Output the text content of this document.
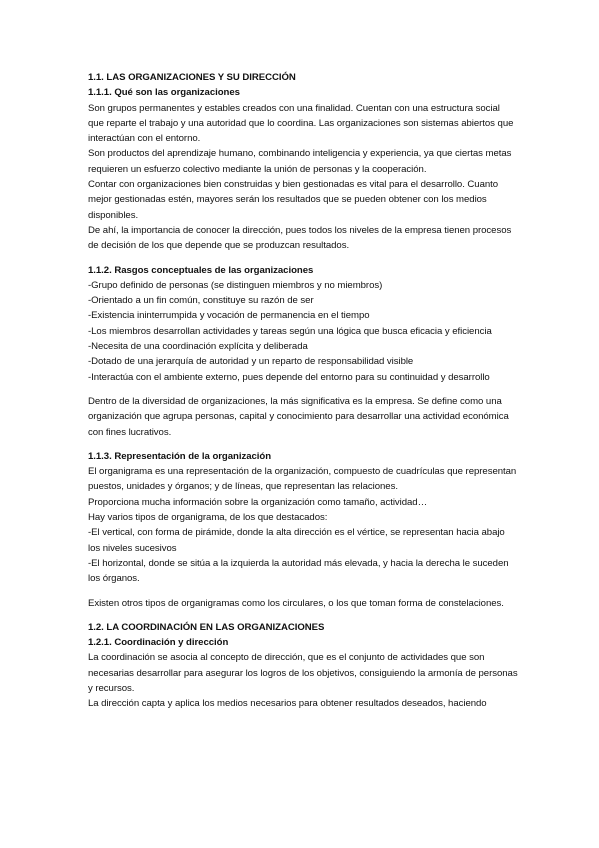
1.1. LAS ORGANIZACIONES Y SU DIRECCIÓN
1.1.1. Qué son las organizaciones

Son grupos permanentes y estables creados con una finalidad. Cuentan con una estructura social que reparte el trabajo y una autoridad que lo coordina. Las organizaciones son sistemas abiertos que interactúan con el entorno.

Son productos del aprendizaje humano, combinando inteligencia y experiencia, ya que ciertas metas requieren un esfuerzo colectivo mediante la unión de personas y la cooperación.

Contar con organizaciones bien construidas y bien gestionadas es vital para el desarrollo. Cuanto mejor gestionadas estén, mayores serán los resultados que se pueden obtener con los medios disponibles.

De ahí, la importancia de conocer la dirección, pues todos los niveles de la empresa tienen procesos de decisión de los que depende que se produzcan resultados.

1.1.2. Rasgos conceptuales de las organizaciones
-Grupo definido de personas (se distinguen miembros y no miembros)
-Orientado a un fin común, constituye su razón de ser
-Existencia ininterrumpida y vocación de permanencia en el tiempo
-Los miembros desarrollan actividades y tareas según una lógica que busca eficacia y eficiencia
-Necesita de una coordinación explícita y deliberada
-Dotado de una jerarquía de autoridad y un reparto de responsabilidad visible
-Interactúa con el ambiente externo, pues depende del entorno para su continuidad y desarrollo

Dentro de la diversidad de organizaciones, la más significativa es la empresa. Se define como una organización que agrupa personas, capital y conocimiento para desarrollar una actividad económica con fines lucrativos.

1.1.3. Representación de la organización

El organigrama es una representación de la organización, compuesto de cuadrículas que representan puestos, unidades y órganos; y de líneas, que representan las relaciones.

Proporciona mucha información sobre la organización como tamaño, actividad…

Hay varios tipos de organigrama, de los que destacados:

-El vertical, con forma de pirámide, donde la alta dirección es el vértice, se representan hacia abajo los niveles sucesivos
-El horizontal, donde se sitúa a la izquierda la autoridad más elevada, y hacia la derecha le suceden los órganos.

Existen otros tipos de organigramas como los circulares, o los que toman forma de constelaciones.

1.2. LA COORDINACIÓN EN LAS ORGANIZACIONES
1.2.1. Coordinación y dirección

La coordinación se asocia al concepto de dirección, que es el conjunto de actividades que son necesarias desarrollar para asegurar los logros de los objetivos, consiguiendo la armonía de personas y recursos.

La dirección capta y aplica los medios necesarios para obtener resultados deseados, haciendo
